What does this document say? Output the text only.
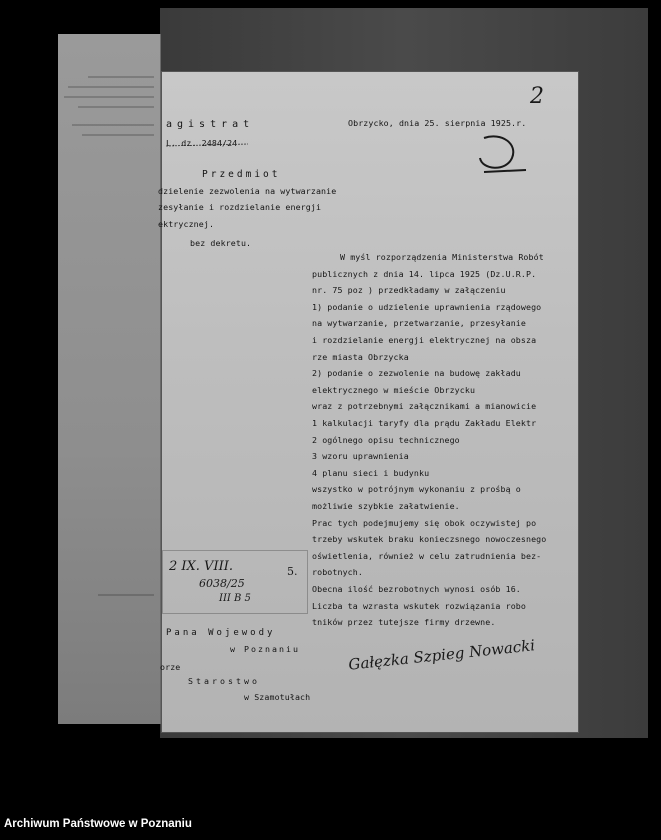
agistrat
L. dz. 2484/24
Obrzycko, dnia 25. sierpnia 1925.r.
2
Przedmiot
dzielenie zezwolenia na wytwarzanie
zesyłanie i rozdzielanie energji
ektrycznej.
bez dekretu.
W myśl rozporządzenia Ministerstwa Robót
publicznych z dnia 14. lipca 1925 (Dz.U.R.P.
nr. 75 poz ) przedkładamy w załączeniu
1) podanie o udzielenie uprawnienia rządowego
na wytwarzanie, przetwarzanie, przesyłanie
i rozdzielanie energji elektrycznej na obsza
rze miasta Obrzycka
2) podanie o zezwolenie na budowę zakładu
elektrycznego w mieście Obrzycku
wraz z potrzebnymi załącznikami a mianowicie
1 kalkulacji taryfy dla prądu Zakładu Elektr
2 ogólnego opisu technicznego
3 wzoru uprawnienia
4 planu sieci i budynku
wszystko w potrójnym wykonaniu z prośbą o
możliwie szybkie załatwienie.
Prac tych podejmujemy się obok oczywistej po
trzeby wskutek braku konieczsnego nowoczesnego
oświetlenia, również w celu zatrudnienia bez-
robotnych.
Obecna ilość bezrobotnych wynosi osób 16.
Liczba ta wzrasta wskutek rozwiązania robo
tników przez tutejsze firmy drzewne.
2 IX. VIII.
6038/25
III B 5
5.
Pana Wojewody
w Poznaniu
orze
Starostwo
w Szamotułach
Gałęzka Szpieg Nowacki
Archiwum Państwowe w Poznaniu
